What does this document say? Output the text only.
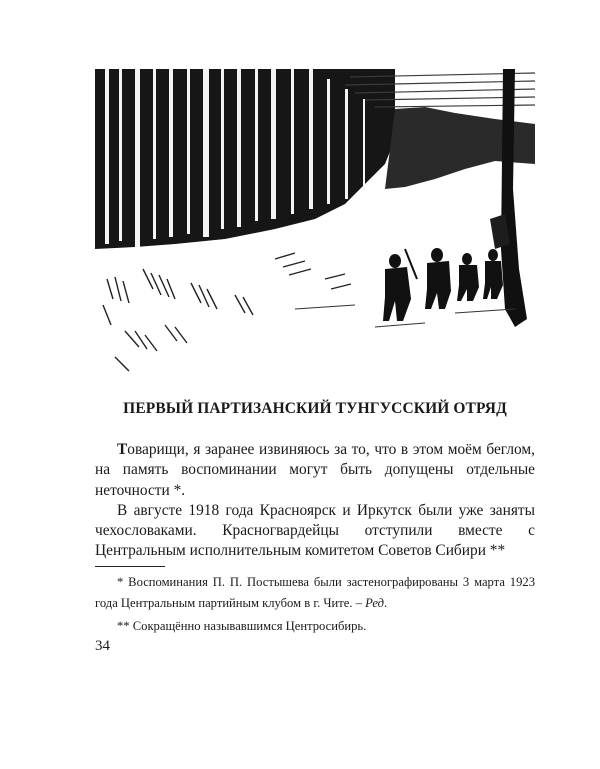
ПЕРВЫЙ ПАРТИЗАНСКИЙ ТУНГУССКИЙ ОТРЯД

Товарищи, я заранее извиняюсь за то, что в этом моём беглом, на память воспоминании могут быть допущены отдельные неточности *.

В августе 1918 года Красноярск и Иркутск были уже заняты чехословаками. Красногвардейцы отступили вместе с Центральным исполнительным комитетом Советов Сибири **

* Воспоминания П. П. Постышева были застенографированы 3 марта 1923 года Центральным партийным клубом в г. Чите. – Ред.

** Сокращённо называвшимся Центросибирь.

34
